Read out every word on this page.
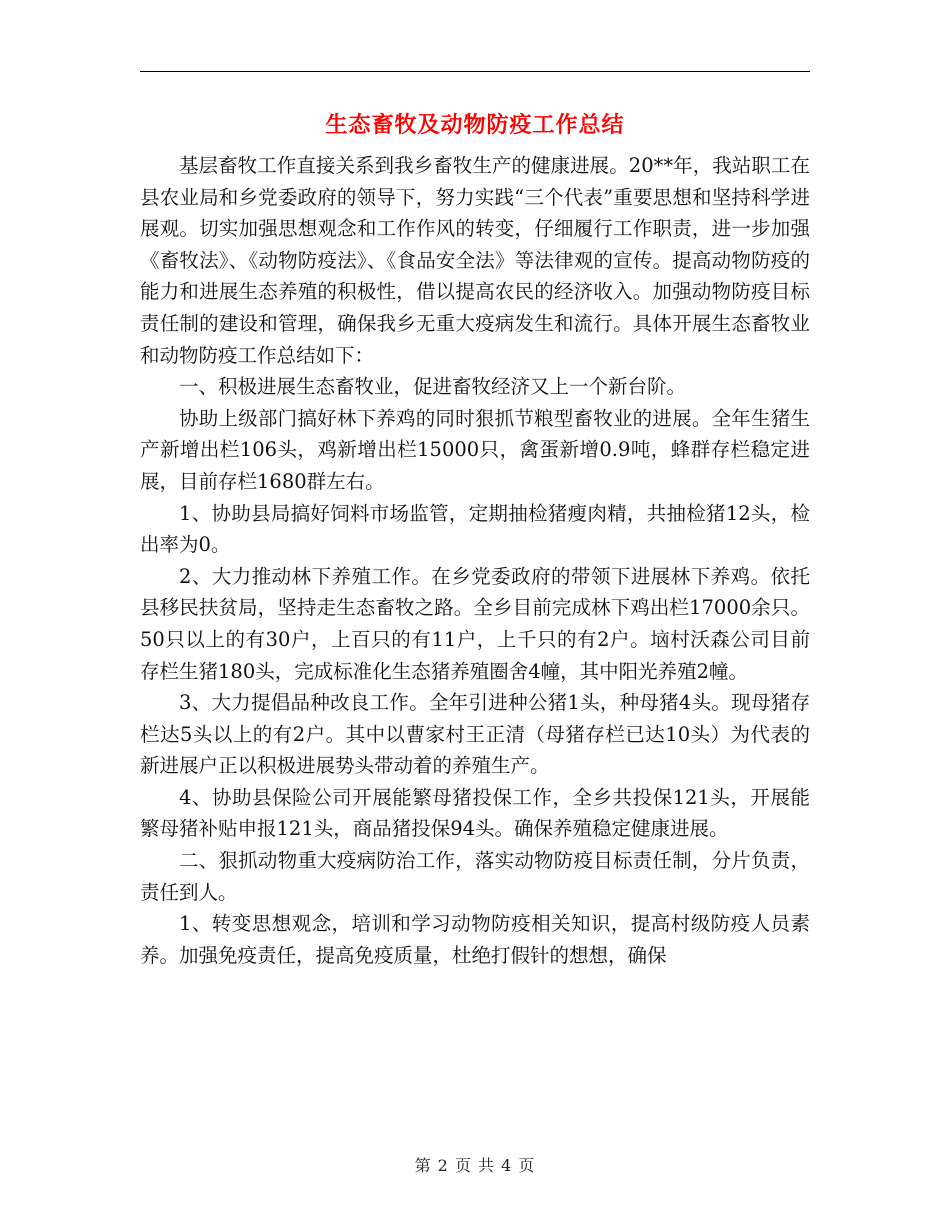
生态畜牧及动物防疫工作总结

基层畜牧工作直接关系到我乡畜牧生产的健康进展。20**年，我站职工在县农业局和乡党委政府的领导下，努力实践“三个代表”重要思想和坚持科学进展观。切实加强思想观念和工作作风的转变，仔细履行工作职责，进一步加强《畜牧法》、《动物防疫法》、《食品安全法》等法律观的宣传。提高动物防疫的能力和进展生态养殖的积极性，借以提高农民的经济收入。加强动物防疫目标责任制的建设和管理，确保我乡无重大疫病发生和流行。具体开展生态畜牧业和动物防疫工作总结如下：

一、积极进展生态畜牧业，促进畜牧经济又上一个新台阶。

协助上级部门搞好林下养鸡的同时狠抓节粮型畜牧业的进展。全年生猪生产新增出栏106头，鸡新增出栏15000只，禽蛋新增0.9吨，蜂群存栏稳定进展，目前存栏1680群左右。

1、协助县局搞好饲料市场监管，定期抽检猪瘦肉精，共抽检猪12头，检出率为0。

2、大力推动林下养殖工作。在乡党委政府的带领下进展林下养鸡。依托县移民扶贫局，坚持走生态畜牧之路。全乡目前完成林下鸡出栏17000余只。50只以上的有30户，上百只的有11户，上千只的有2户。垴村沃森公司目前存栏生猪180头，完成标准化生态猪养殖圈舍4幢，其中阳光养殖2幢。

3、大力提倡品种改良工作。全年引进种公猪1头，种母猪4头。现母猪存栏达5头以上的有2户。其中以曹家村王正清（母猪存栏已达10头）为代表的新进展户正以积极进展势头带动着的养殖生产。

4、协助县保险公司开展能繁母猪投保工作，全乡共投保121头，开展能繁母猪补贴申报121头，商品猪投保94头。确保养殖稳定健康进展。

二、狠抓动物重大疫病防治工作，落实动物防疫目标责任制，分片负责，责任到人。

1、转变思想观念，培训和学习动物防疫相关知识，提高村级防疫人员素养。加强免疫责任，提高免疫质量，杜绝打假针的想想，确保

第 2 页 共 4 页
